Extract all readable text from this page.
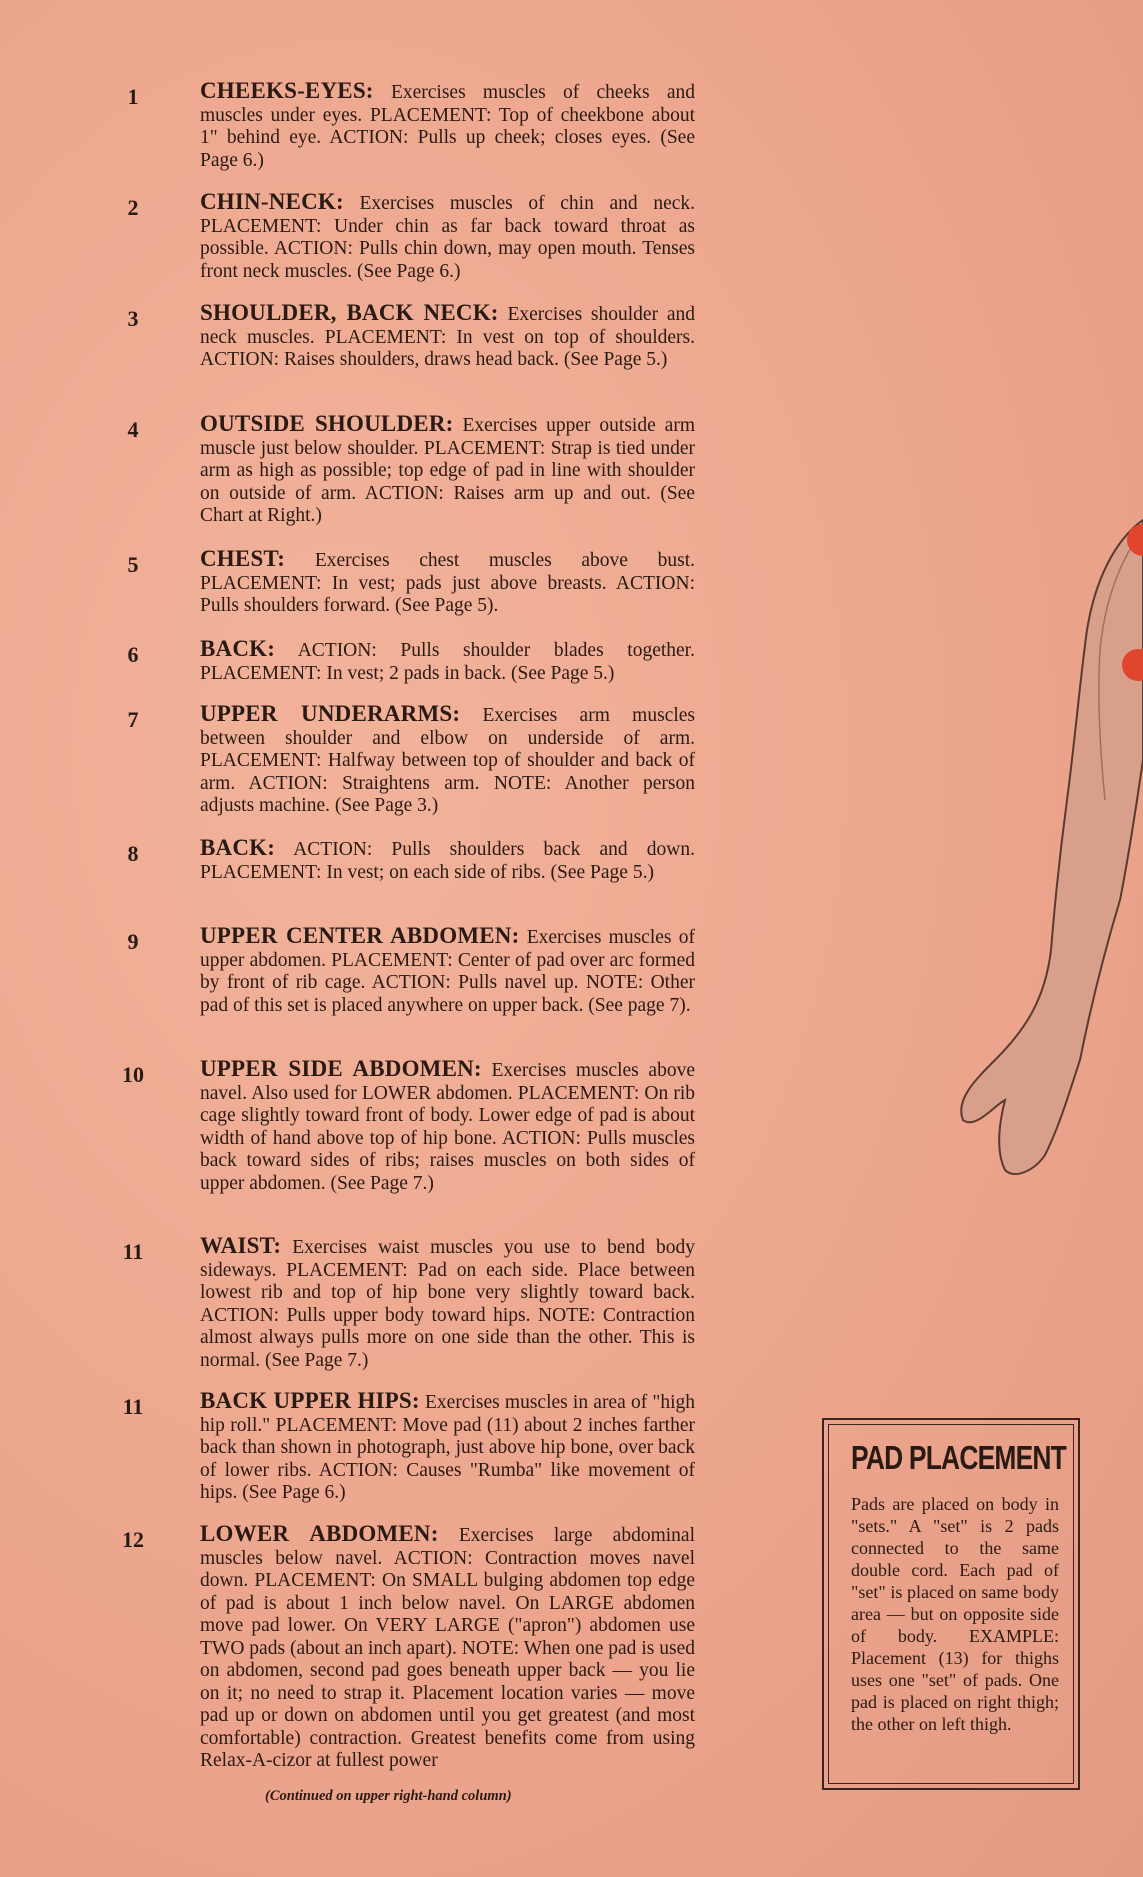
1	CHEEKS-EYES: Exercises muscles of cheeks and muscles under eyes. PLACEMENT: Top of cheekbone about 1" behind eye. ACTION: Pulls up cheek; closes eyes. (See Page 6.)
2	CHIN-NECK: Exercises muscles of chin and neck. PLACEMENT: Under chin as far back toward throat as possible. ACTION: Pulls chin down, may open mouth. Tenses front neck muscles. (See Page 6.)
3	SHOULDER, BACK NECK: Exercises shoulder and neck muscles. PLACEMENT: In vest on top of shoulders. ACTION: Raises shoulders, draws head back. (See Page 5.)
4	OUTSIDE SHOULDER: Exercises upper outside arm muscle just below shoulder. PLACEMENT: Strap is tied under arm as high as possible; top edge of pad in line with shoulder on outside of arm. ACTION: Raises arm up and out. (See Chart at Right.)
5	CHEST: Exercises chest muscles above bust. PLACEMENT: In vest; pads just above breasts. ACTION: Pulls shoulders forward. (See Page 5).
6	BACK: ACTION: Pulls shoulder blades together. PLACEMENT: In vest; 2 pads in back. (See Page 5.)
7	UPPER UNDERARMS: Exercises arm muscles between shoulder and elbow on underside of arm. PLACEMENT: Halfway between top of shoulder and back of arm. ACTION: Straightens arm. NOTE: Another person adjusts machine. (See Page 3.)
8	BACK: ACTION: Pulls shoulders back and down. PLACEMENT: In vest; on each side of ribs. (See Page 5.)
9	UPPER CENTER ABDOMEN: Exercises muscles of upper abdomen. PLACEMENT: Center of pad over arc formed by front of rib cage. ACTION: Pulls navel up. NOTE: Other pad of this set is placed anywhere on upper back. (See page 7).
10	UPPER SIDE ABDOMEN: Exercises muscles above navel. Also used for LOWER abdomen. PLACEMENT: On rib cage slightly toward front of body. Lower edge of pad is about width of hand above top of hip bone. ACTION: Pulls muscles back toward sides of ribs; raises muscles on both sides of upper abdomen. (See Page 7.)
11	WAIST: Exercises waist muscles you use to bend body sideways. PLACEMENT: Pad on each side. Place between lowest rib and top of hip bone very slightly toward back. ACTION: Pulls upper body toward hips. NOTE: Contraction almost always pulls more on one side than the other. This is normal. (See Page 7.)
11	BACK UPPER HIPS: Exercises muscles in area of "high hip roll." PLACEMENT: Move pad (11) about 2 inches farther back than shown in photograph, just above hip bone, over back of lower ribs. ACTION: Causes "Rumba" like movement of hips. (See Page 6.)
12	LOWER ABDOMEN: Exercises large abdominal muscles below navel. ACTION: Contraction moves navel down. PLACEMENT: On SMALL bulging abdomen top edge of pad is about 1 inch below navel. On LARGE abdomen move pad lower. On VERY LARGE ("apron") abdomen use TWO pads (about an inch apart). NOTE: When one pad is used on abdomen, second pad goes beneath upper back — you lie on it; no need to strap it. Placement location varies — move pad up or down on abdomen until you get greatest (and most comfortable) contraction. Greatest benefits come from using Relax-A-cizor at fullest power
(Continued on upper right-hand column)
PAD PLACEMENT
Pads are placed on body in "sets." A "set" is 2 pads connected to the same double cord. Each pad of "set" is placed on same body area — but on opposite side of body. EXAMPLE: Placement (13) for thighs uses one "set" of pads. One pad is placed on right thigh; the other on left thigh.
